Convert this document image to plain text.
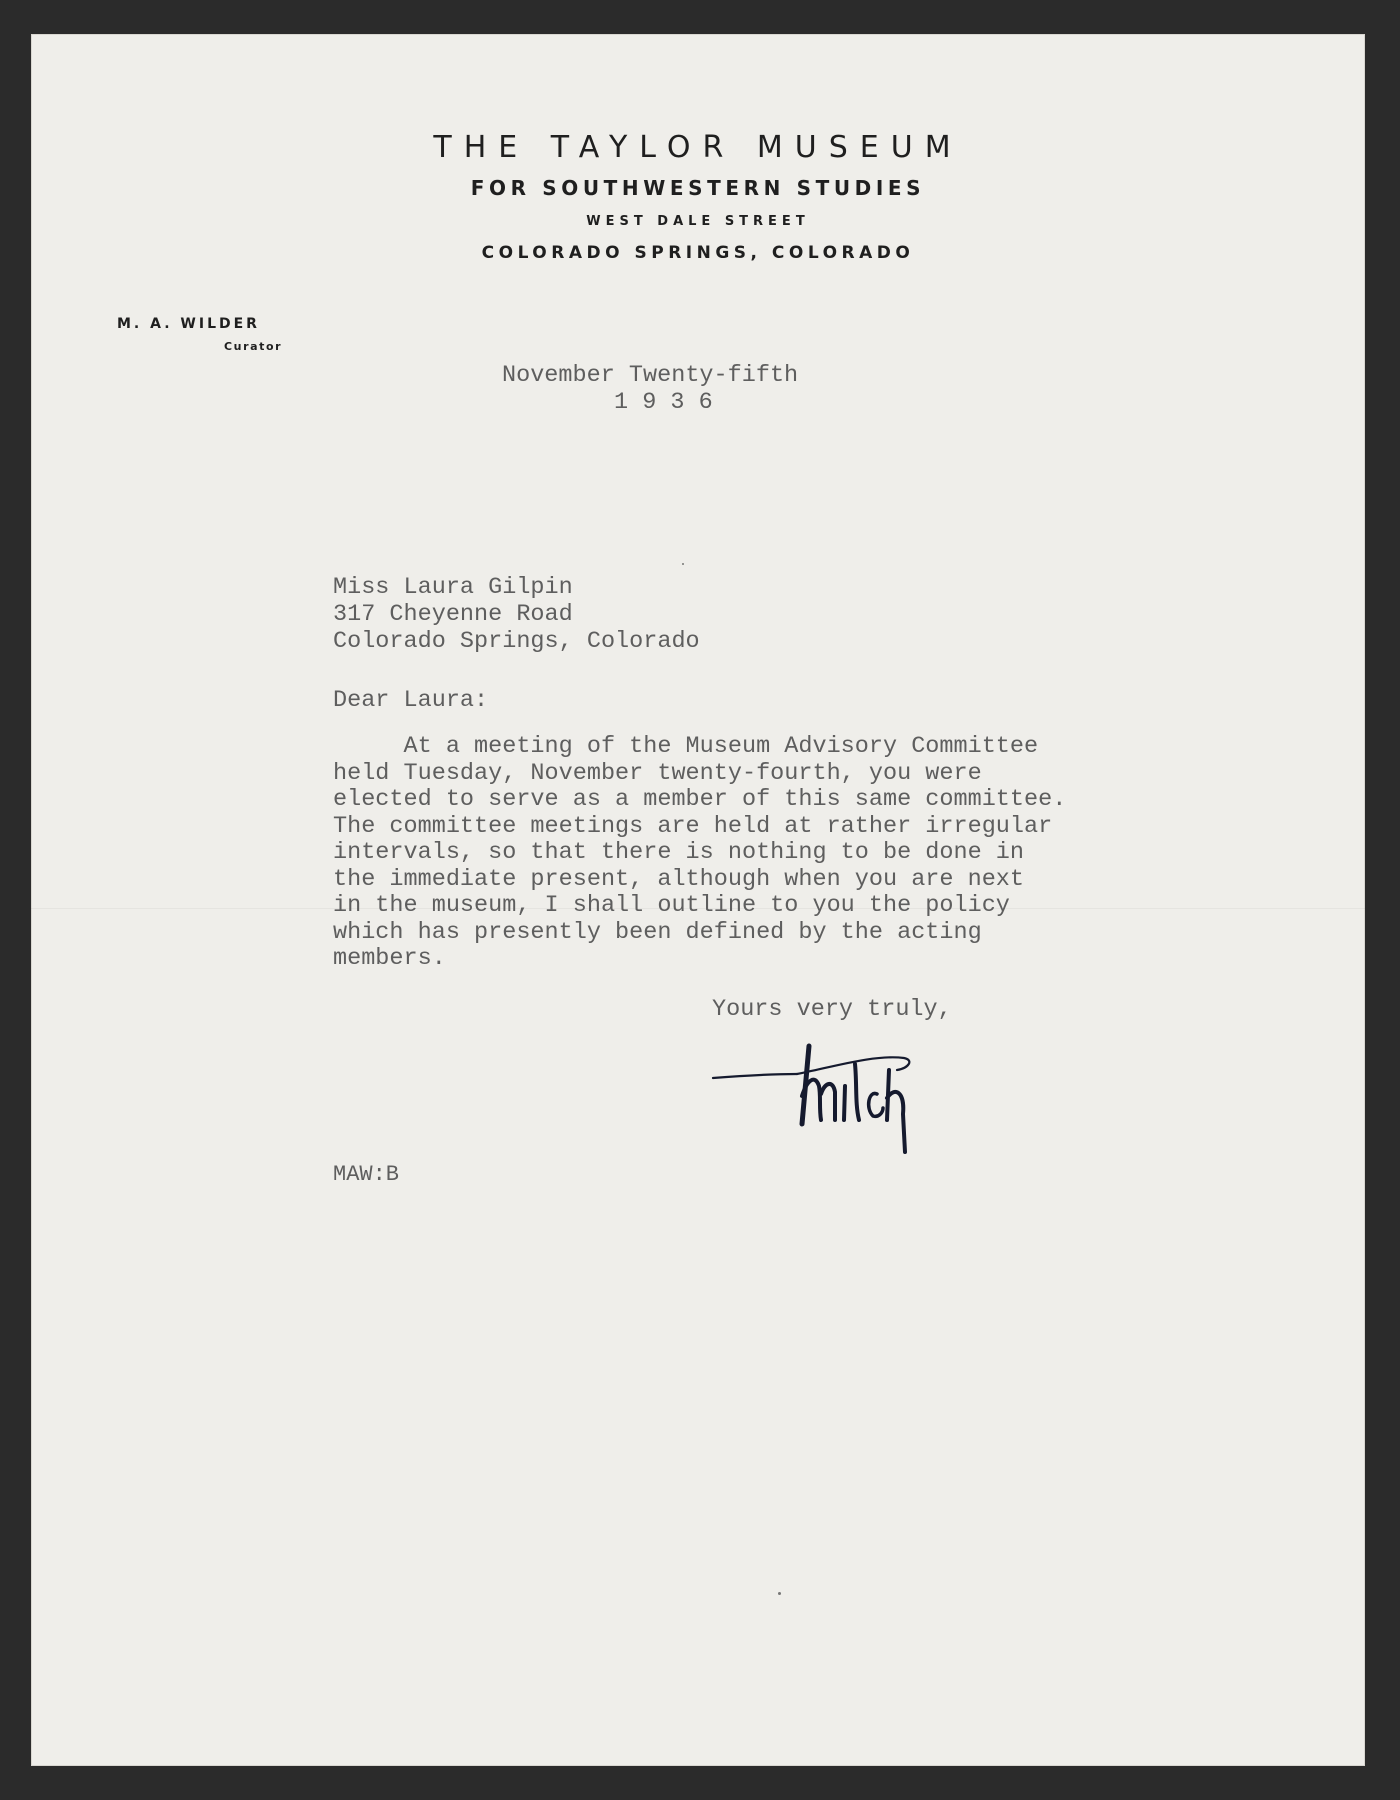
THE TAYLOR MUSEUM
FOR SOUTHWESTERN STUDIES
WEST DALE STREET
COLORADO SPRINGS, COLORADO
M. A. WILDER
Curator
November Twenty-fifth
1 9 3 6
Miss Laura Gilpin
317 Cheyenne Road
Colorado Springs, Colorado
Dear Laura:
At a meeting of the Museum Advisory Committee
held Tuesday, November twenty-fourth, you were
elected to serve as a member of this same committee.
The committee meetings are held at rather irregular
intervals, so that there is nothing to be done in
the immediate present, although when you are next
in the museum, I shall outline to you the policy
which has presently been defined by the acting
members.
Yours very truly,
MAW:B
